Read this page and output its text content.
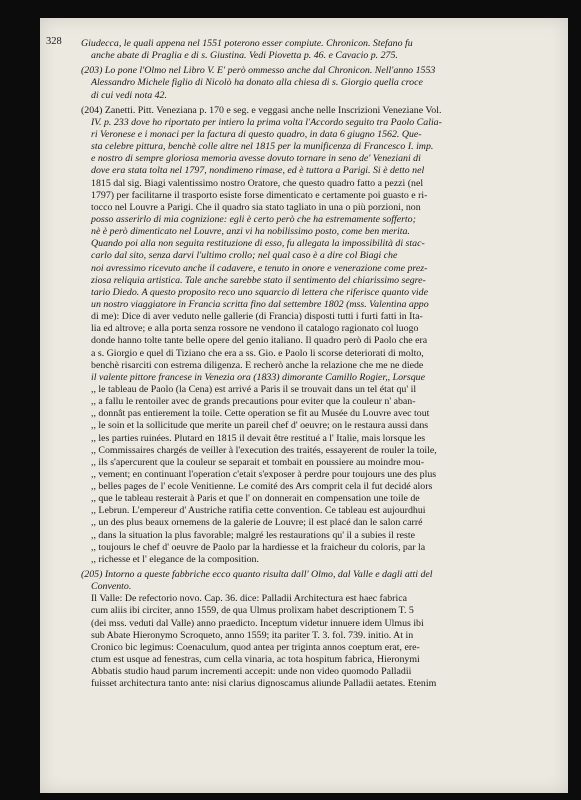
328 Giudecca, le quali appena nel 1551 poterono esser compiute. Chronicon. Stefano fu
anche abate di Praglia e di s. Giustina. Vedi Piovetta p. 46. e Cavacio p. 275.
(203) Lo pone l'Olmo nel Libro V. E' però ommesso anche dal Chronicon. Nell'anno 1553
Alessandro Michele figlio di Nicolò ha donato alla chiesa di s. Giorgio quella croce
di cui vedi nota 42.
(204) Zanetti. Pitt. Veneziana p. 170 e seg. e veggasi anche nelle Inscrizioni Veneziane Vol.
IV. p. 233 dove ho riportato per intiero la prima volta l'Accordo seguito tra Paolo Calia-
ri Veronese e i monaci per la factura di questo quadro, in data 6 giugno 1562. Que-
sta celebre pittura, benchè colle altre nel 1815 per la munificenza di Francesco I. imp.
e nostro di sempre gloriosa memoria avesse dovuto tornare in seno de' Veneziani di
dove era stata tolta nel 1797, nondimeno rimase, ed è tuttora a Parigi. Si è detto nel
1815 dal sig. Biagi valentissimo nostro Oratore, che questo quadro fatto a pezzi (nel
1797) per facilitarne il trasporto esiste forse dimenticato e certamente poi guasto e ri-
tocco nel Louvre a Parigi. Che il quadro sia stato tagliato in una o più porzioni, non
posso asserirlo di mia cognizione: egli è certo però che ha estremamente sofferto;
nè è però dimenticato nel Louvre, anzi vi ha nobilissimo posto, come ben merita.
Quando poi alla non seguita restituzione di esso, fu allegata la impossibilità di stac-
carlo dal sito, senza darvi l'ultimo crollo; nel qual caso è a dire col Biagi che
noi avressimo ricevuto anche il cadavere, e tenuto in onore e venerazione come prez-
ziosa reliquia artistica. Tale anche sarebbe stato il sentimento del chiarissimo segre-
tario Diedo. A questo proposito reco uno squarcio di lettera che riferisce quanto vide
un nostro viaggiatore in Francia scritta fino dal settembre 1802 (mss. Valentina appo
di me): Dice di aver veduto nelle gallerie (di Francia) disposti tutti i furti fatti in Ita-
lia ed altrove; e alla porta senza rossore ne vendono il catalogo ragionato col luogo
donde hanno tolte tante belle opere del genio italiano. Il quadro però di Paolo che era
a s. Giorgio e quel di Tiziano che era a ss. Gio. e Paolo li scorse deteriorati di molto,
benchè risarciti con estrema diligenza. E recherò anche la relazione che me ne diede
il valente pittore francese in Venezia ora (1833) dimorante Camillo Rogier,, Lorsque
,, le tableau de Paolo (la Cena) est arrivé a Paris il se trouvait dans un tel état qu' il
,, a fallu le rentoiler avec de grands precautions pour eviter que la couleur n' aban-
,, donnât pas entierement la toile. Cette operation se fit au Musée du Louvre avec tout
,, le soin et la sollicitude que merite un pareil chef d' oeuvre; on le restaura aussi dans
,, les parties ruinées. Plutard en 1815 il devait être restitué a l' Italie, mais lorsque les
,, Commissaires chargés de veiller à l'execution des traités, essayerent de rouler la toile,
,, ils s'apercurent que la couleur se separait et tombait en poussiere au moindre mou-
,, vement; en continuant l'operation c'etait s'exposer à perdre pour toujours une des plus
,, belles pages de l' ecole Venitienne. Le comité des Ars comprit cela il fut decidé alors
,, que le tableau resterait à Paris et que l' on donnerait en compensation une toile de
,, Lebrun. L'empereur d' Austriche ratifia cette convention. Ce tableau est aujourdhui
,, un des plus beaux ornemens de la galerie de Louvre; il est placé dan le salon carré
,, dans la situation la plus favorable; malgré les restaurations qu' il a subies il reste
,, toujours le chef d' oeuvre de Paolo par la hardiesse et la fraicheur du coloris, par la
,, richesse et l' elegance de la composition.
(205) Intorno a queste fabbriche ecco quanto risulta dall' Olmo, dal Valle e dagli atti del
Convento.
Il Valle: De refectorio novo. Cap. 36. dice: Palladii Architectura est haec fabrica
cum aliis ibi circiter, anno 1559, de qua Ulmus prolixam habet descriptionem T. 5
(dei mss. veduti dal Valle) anno praedicto. Inceptum videtur innuere idem Ulmus ibi
sub Abate Hieronymo Scroqueto, anno 1559; ita pariter T. 3. fol. 739. initio. At in
Cronico bic legimus: Coenaculum, quod antea per triginta annos coeptum erat, ere-
ctum est usque ad fenestras, cum cella vinaria, ac tota hospitum fabrica, Hieronymi
Abbatis studio haud parum incrementi accepit: unde non video quomodo Palladii
fuisset architectura tanto ante: nisi clarius dignoscamus aliunde Palladii aetates. Etenim
